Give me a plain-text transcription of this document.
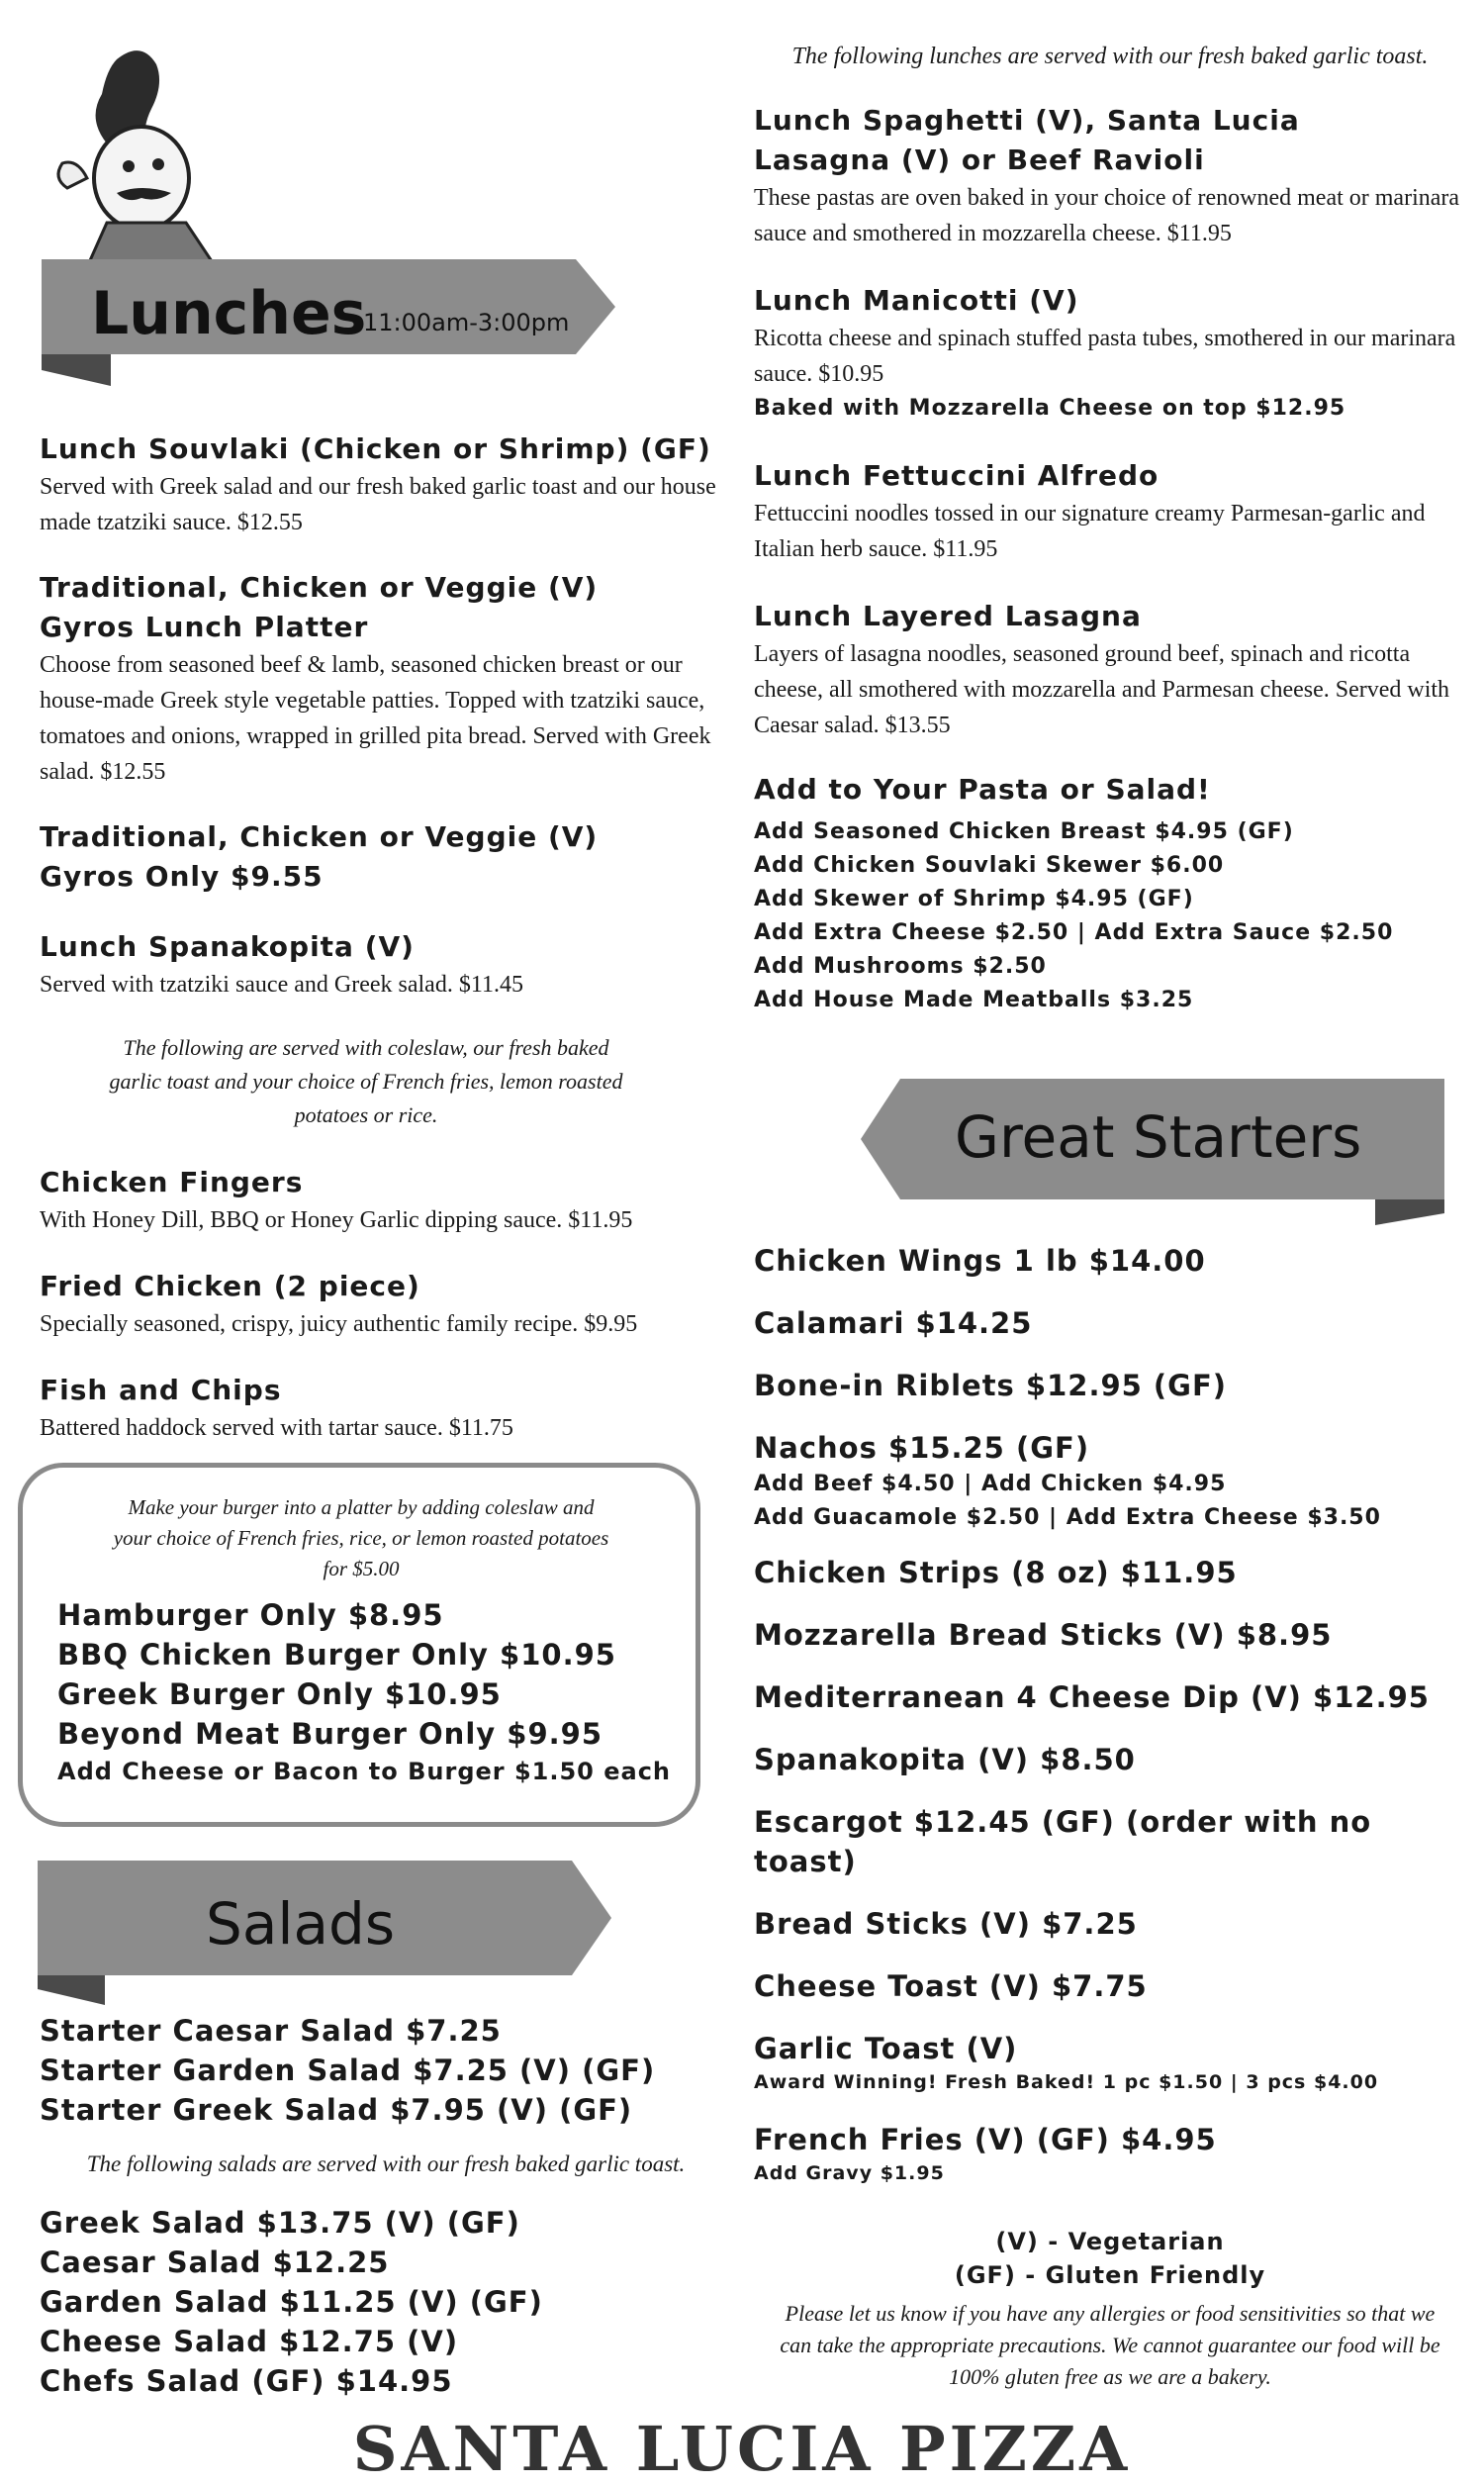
Lunches
11:00am-3:00pm
Lunch Souvlaki (Chicken or Shrimp) (GF)
Served with Greek salad and our fresh baked garlic toast and our house made tzatziki sauce. $12.55
Traditional, Chicken or Veggie (V)
Gyros Lunch Platter
Choose from seasoned beef & lamb, seasoned chicken breast or our house-made Greek style vegetable patties. Topped with tzatziki sauce, tomatoes and onions, wrapped in grilled pita bread. Served with Greek salad. $12.55
Traditional, Chicken or Veggie (V)
Gyros Only $9.55
Lunch Spanakopita (V)
Served with tzatziki sauce and Greek salad. $11.45
The following are served with coleslaw, our fresh baked garlic toast and your choice of French fries, lemon roasted potatoes or rice.
Chicken Fingers
With Honey Dill, BBQ or Honey Garlic dipping sauce. $11.95
Fried Chicken (2 piece)
Specially seasoned, crispy, juicy authentic family recipe. $9.95
Fish and Chips
Battered haddock served with tartar sauce. $11.75
Make your burger into a platter by adding coleslaw and your choice of French fries, rice, or lemon roasted potatoes for $5.00
Hamburger Only $8.95
BBQ Chicken Burger Only $10.95
Greek Burger Only $10.95
Beyond Meat Burger Only $9.95
Add Cheese or Bacon to Burger $1.50 each
Salads
Starter Caesar Salad $7.25
Starter Garden Salad $7.25 (V) (GF)
Starter Greek Salad $7.95 (V) (GF)
The following salads are served with our fresh baked garlic toast.
Greek Salad $13.75 (V) (GF)
Caesar Salad $12.25
Garden Salad $11.25 (V) (GF)
Cheese Salad $12.75 (V)
Chefs Salad (GF) $14.95
The following lunches are served with our fresh baked garlic toast.
Lunch Spaghetti (V), Santa Lucia
Lasagna (V) or Beef Ravioli
These pastas are oven baked in your choice of renowned meat or marinara sauce and smothered in mozzarella cheese. $11.95
Lunch Manicotti (V)
Ricotta cheese and spinach stuffed pasta tubes, smothered in our marinara sauce. $10.95
Baked with Mozzarella Cheese on top $12.95
Lunch Fettuccini Alfredo
Fettuccini noodles tossed in our signature creamy Parmesan-garlic and Italian herb sauce. $11.95
Lunch Layered Lasagna
Layers of lasagna noodles, seasoned ground beef, spinach and ricotta cheese, all smothered with mozzarella and Parmesan cheese. Served with Caesar salad. $13.55
Add to Your Pasta or Salad!
Add Seasoned Chicken Breast $4.95 (GF)
Add Chicken Souvlaki Skewer $6.00
Add Skewer of Shrimp $4.95 (GF)
Add Extra Cheese $2.50 | Add Extra Sauce $2.50
Add Mushrooms $2.50
Add House Made Meatballs $3.25
Great Starters
Chicken Wings 1 lb $14.00
Calamari $14.25
Bone-in Riblets $12.95 (GF)
Nachos $15.25 (GF)
Add Beef $4.50 | Add Chicken $4.95
Add Guacamole $2.50 | Add Extra Cheese $3.50
Chicken Strips (8 oz) $11.95
Mozzarella Bread Sticks (V) $8.95
Mediterranean 4 Cheese Dip (V) $12.95
Spanakopita (V) $8.50
Escargot $12.45 (GF) (order with no toast)
Bread Sticks (V) $7.25
Cheese Toast (V) $7.75
Garlic Toast (V)
Award Winning! Fresh Baked! 1 pc $1.50 | 3 pcs $4.00
French Fries (V) (GF) $4.95
Add Gravy $1.95
(V) - Vegetarian
(GF) - Gluten Friendly
Please let us know if you have any allergies or food sensitivities so that we can take the appropriate precautions. We cannot guarantee our food will be 100% gluten free as we are a bakery.
SANTA LUCIA PIZZA
